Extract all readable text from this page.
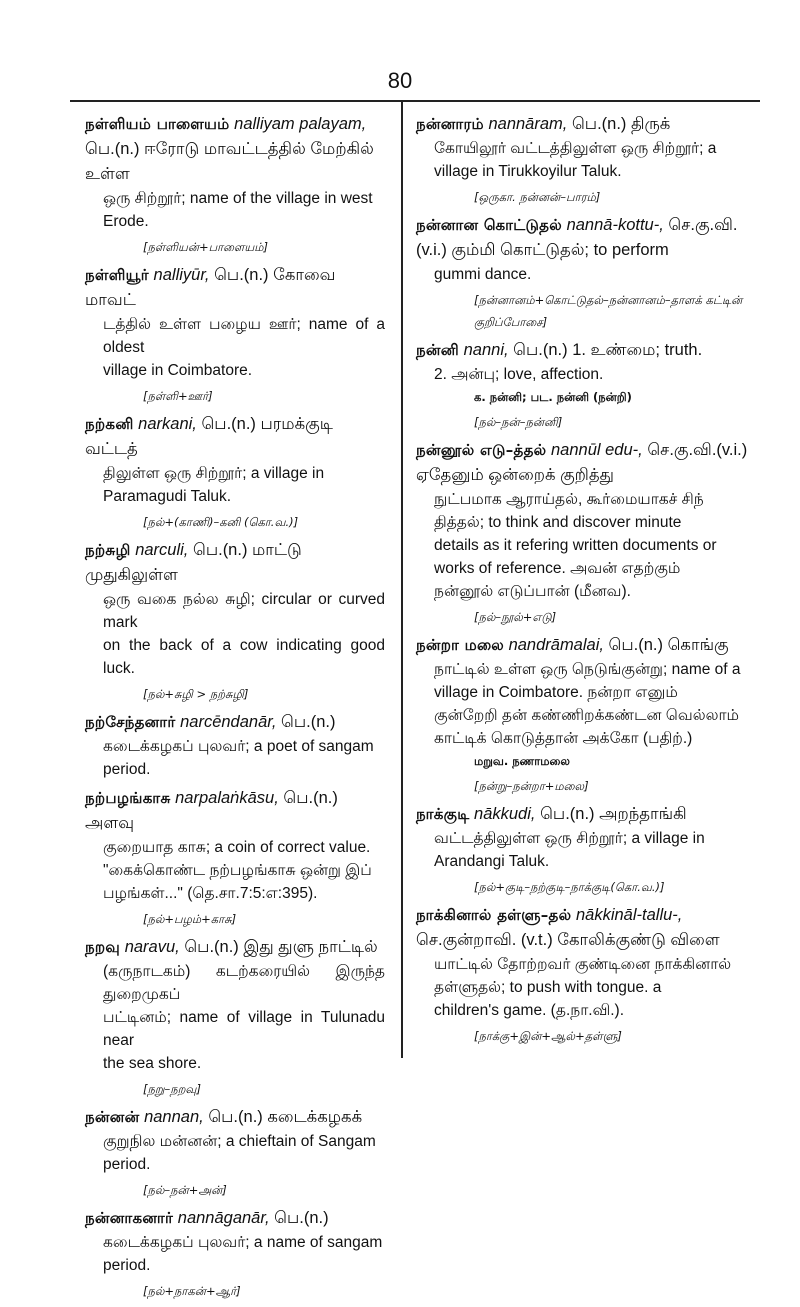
80
நள்ளியம் பாளையம் nalliyam palayam, பெ.(n.) ஈரோடு மாவட்டத்தில் மேற்கில் உள்ள
ஒரு சிற்றூர்; name of the village in west
Erode.
[நள்ளியன்+பாளையம்]
நள்ளியூர் nalliyūr, பெ.(n.) கோவை மாவட்
டத்தில் உள்ள பழைய ஊர்; name of a oldest
village in Coimbatore.
[நள்ளி+ஊர்]
நற்கனி narkani, பெ.(n.) பரமக்குடி வட்டத்
திலுள்ள ஒரு சிற்றூர்; a village in
Paramagudi Taluk.
[நல்+(காணி)–கனி (கொ.வ.)]
நற்சுழி narculi, பெ.(n.) மாட்டு முதுகிலுள்ள
ஒரு வகை நல்ல சுழி; circular or curved mark
on the back of a cow indicating good luck.
[நல்+சுழி > நற்சுழி]
நற்சேந்தனார் narcēndanār, பெ.(n.)
கடைக்கழகப் புலவர்; a poet of sangam
period.
நற்பழங்காசு narpalaṅkāsu, பெ.(n.) அளவு
குறையாத காசு; a coin of correct value.
"கைக்கொண்ட நற்பழங்காசு ஒன்று இப்
பழங்கள்..." (தெ.சா.7:5:எ:395).
[நல்+பழம்+காசு]
நறவு naravu, பெ.(n.) இது துளு நாட்டில்
(கருநாடகம்) கடற்கரையில் இருந்த துறைமுகப்
பட்டினம்; name of village in Tulunadu near
the sea shore.
[நறு–நறவு]
நன்னன் nannan, பெ.(n.) கடைக்கழகக்
குறுநில மன்னன்; a chieftain of Sangam
period.
[நல்–நன்+அன்]
நன்னாகனார் nannāganār, பெ.(n.)
கடைக்கழகப் புலவர்; a name of sangam
period.
[நல்+நாகன்+ஆர்]
நன்னாரம் nannāram, பெ.(n.) திருக்
கோயிலூர் வட்டத்திலுள்ள ஒரு சிற்றூர்; a
village in Tirukkoyilur Taluk.
[ஒருகா. நன்னன்–பாரம்]
நன்னான கொட்டுதல் nannā-kottu-, செ.கு.வி. (v.i.) கும்மி கொட்டுதல்; to perform
gummi dance.
[நன்னானம்+கொட்டுதல்–நன்னானம்–தாளக் கட்டின் குறிப்போசை]
நன்னி nanni, பெ.(n.) 1. உண்மை; truth.
2. அன்பு; love, affection.
க. நன்னி; பட. நன்னி (நன்றி)
[நல்–நன்–நன்னி]
நன்னூல் எடு–த்தல் nannūl edu-, செ.கு.வி.(v.i.) ஏதேனும் ஒன்றைக் குறித்து
நுட்பமாக ஆராய்தல், கூர்மையாகச் சிந்
தித்தல்; to think and discover minute
details as it refering written documents or
works of reference. அவன் எதற்கும்
நன்னூல் எடுப்பான் (மீனவ).
[நல்–நூல்+எடு]
நன்றா மலை nandrāmalai, பெ.(n.) கொங்கு
நாட்டில் உள்ள ஒரு நெடுங்குன்று; name of a
village in Coimbatore. நன்றா எனும்
குன்றேறி தன் கண்ணிறக்கண்டன வெல்லாம்
காட்டிக் கொடுத்தான் அக்கோ (பதிற்.)
மறுவ. நணாமலை
[நன்று–நன்றா+மலை]
நாக்குடி nākkudi, பெ.(n.) அறந்தாங்கி
வட்டத்திலுள்ள ஒரு சிற்றூர்; a village in
Arandangi Taluk.
[நல்+குடி–நற்குடி–நாக்குடி(கொ.வ.)]
நாக்கினால் தள்ளு–தல் nākkināl-tallu-, செ.குன்றாவி. (v.t.) கோலிக்குண்டு விளை
யாட்டில் தோற்றவர் குண்டினை நாக்கினால்
தள்ளுதல்; to push with tongue. a
children's game. (த.நா.வி.).
[நாக்கு+இன்+ஆல்+தள்ளு]
